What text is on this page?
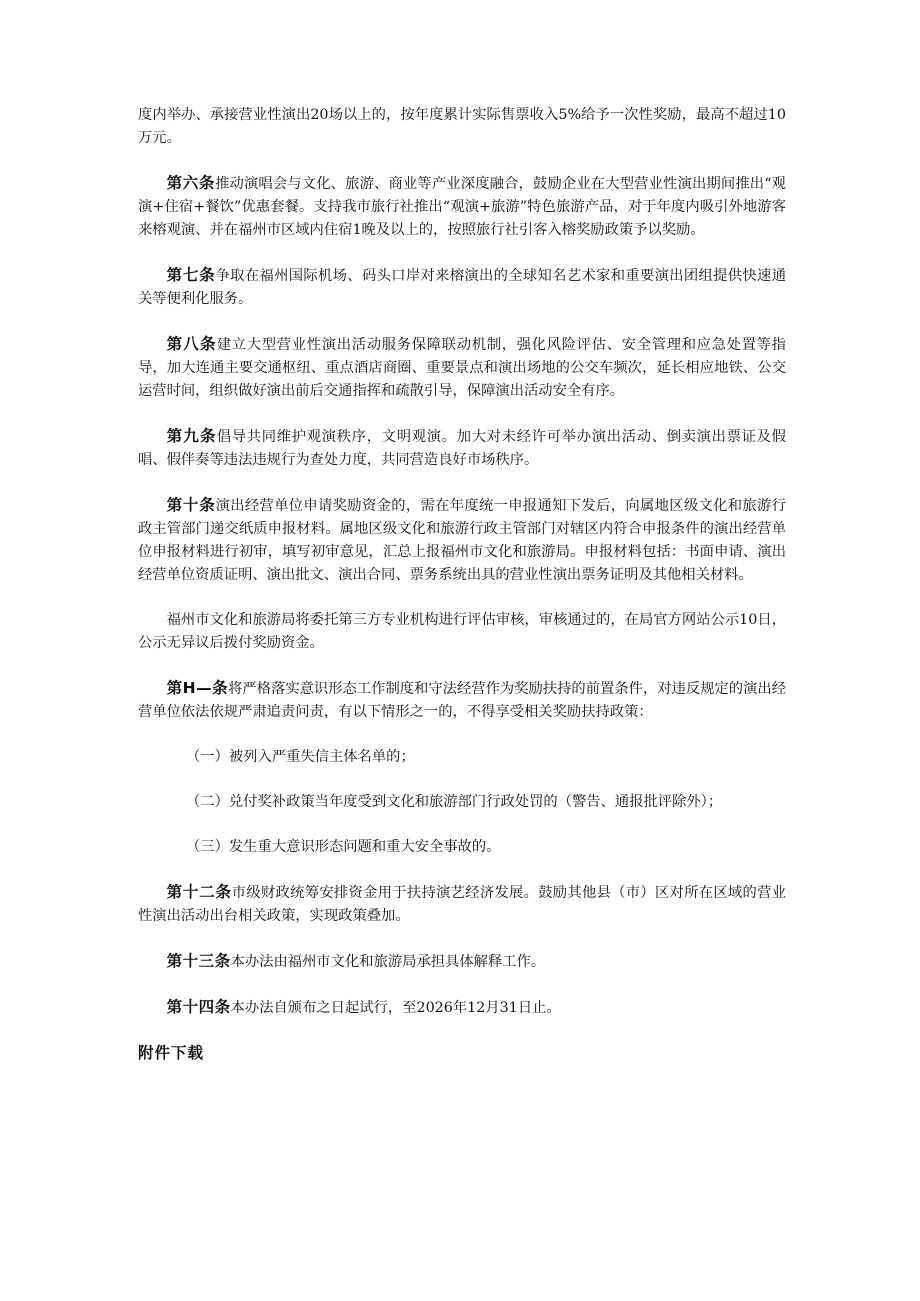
度内举办、承接营业性演出20场以上的，按年度累计实际售票收入5%给予一次性奖励，最高不超过10万元。

第六条推动演唱会与文化、旅游、商业等产业深度融合，鼓励企业在大型营业性演出期间推出“观演+住宿+餐饮”优惠套餐。支持我市旅行社推出“观演+旅游”特色旅游产品，对于年度内吸引外地游客来榕观演、并在福州市区域内住宿1晚及以上的，按照旅行社引客入榕奖励政策予以奖励。

第七条争取在福州国际机场、码头口岸对来榕演出的全球知名艺术家和重要演出团组提供快速通关等便利化服务。

第八条建立大型营业性演出活动服务保障联动机制，强化风险评估、安全管理和应急处置等指导，加大连通主要交通枢纽、重点酒店商圈、重要景点和演出场地的公交车频次，延长相应地铁、公交运营时间，组织做好演出前后交通指挥和疏散引导，保障演出活动安全有序。

第九条倡导共同维护观演秩序，文明观演。加大对未经许可举办演出活动、倒卖演出票证及假唱、假伴奏等违法违规行为查处力度，共同营造良好市场秩序。

第十条演出经营单位申请奖励资金的，需在年度统一申报通知下发后，向属地区级文化和旅游行政主管部门递交纸质申报材料。属地区级文化和旅游行政主管部门对辖区内符合申报条件的演出经营单位申报材料进行初审，填写初审意见，汇总上报福州市文化和旅游局。申报材料包括：书面申请、演出经营单位资质证明、演出批文、演出合同、票务系统出具的营业性演出票务证明及其他相关材料。

福州市文化和旅游局将委托第三方专业机构进行评估审核，审核通过的，在局官方网站公示10日，公示无异议后拨付奖励资金。

第H—条将严格落实意识形态工作制度和守法经营作为奖励扶持的前置条件，对违反规定的演出经营单位依法依规严肃追责问责，有以下情形之一的，不得享受相关奖励扶持政策：

（一）被列入严重失信主体名单的；

（二）兑付奖补政策当年度受到文化和旅游部门行政处罚的（警告、通报批评除外）；

（三）发生重大意识形态问题和重大安全事故的。

第十二条市级财政统筹安排资金用于扶持演艺经济发展。鼓励其他县（市）区对所在区域的营业性演出活动出台相关政策，实现政策叠加。

第十三条本办法由福州市文化和旅游局承担具体解释工作。

第十四条本办法自颁布之日起试行，至2026年12月31日止。

附件下载
